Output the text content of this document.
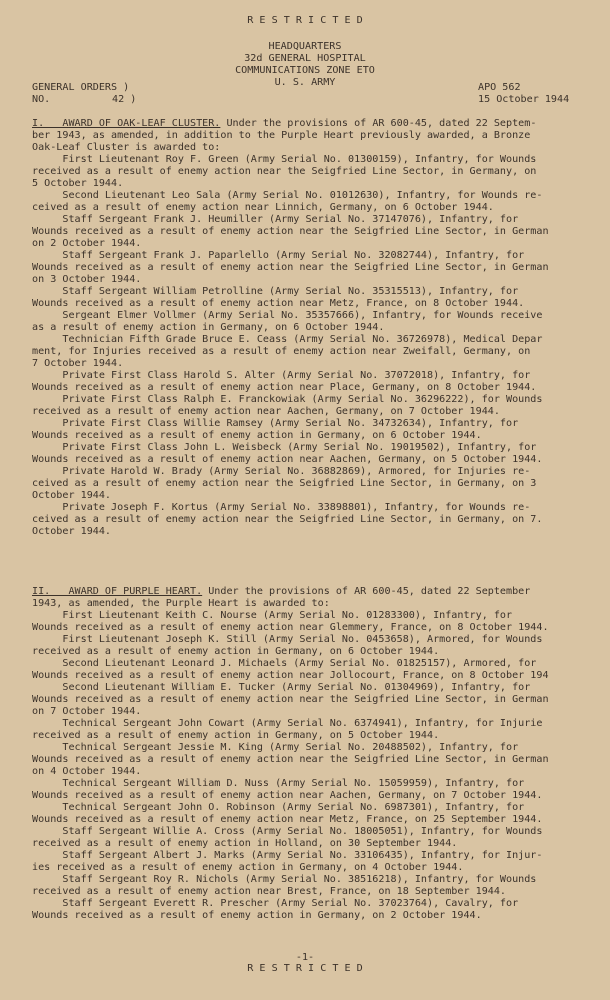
R E S T R I C T E D
HEADQUARTERS
32d GENERAL HOSPITAL
COMMUNICATIONS ZONE ETO
U. S. ARMY
GENERAL ORDERS )
NO.	42 )
APO 562
15 October 1944
I.   AWARD OF OAK-LEAF CLUSTER. Under the provisions of AR 600-45, dated 22 Septem-
ber 1943, as amended, in addition to the Purple Heart previously awarded, a Bronze
Oak-Leaf Cluster is awarded to:
First Lieutenant Roy F. Green (Army Serial No. 01300159), Infantry, for Wounds
received as a result of enemy action near the Seigfried Line Sector, in Germany, on
5 October 1944.
Second Lieutenant Leo Sala (Army Serial No. 01012630), Infantry, for Wounds re-
ceived as a result of enemy action near Linnich, Germany, on 6 October 1944.
Staff Sergeant Frank J. Heumiller (Army Serial No. 37147076), Infantry, for
Wounds received as a result of enemy action near the Seigfried Line Sector, in German
on 2 October 1944.
Staff Sergeant Frank J. Paparlello (Army Serial No. 32082744), Infantry, for
Wounds received as a result of enemy action near the Seigfried Line Sector, in German
on 3 October 1944.
Staff Sergeant William Petrolline (Army Serial No. 35315513), Infantry, for
Wounds received as a result of enemy action near Metz, France, on 8 October 1944.
Sergeant Elmer Vollmer (Army Serial No. 35357666), Infantry, for Wounds receive
as a result of enemy action in Germany, on 6 October 1944.
Technician Fifth Grade Bruce E. Ceass (Army Serial No. 36726978), Medical Depar
ment, for Injuries received as a result of enemy action near Zweifall, Germany, on
7 October 1944.
Private First Class Harold S. Alter (Army Serial No. 37072018), Infantry, for
Wounds received as a result of enemy action near Place, Germany, on 8 October 1944.
Private First Class Ralph E. Franckowiak (Army Serial No. 36296222), for Wounds
received as a result of enemy action near Aachen, Germany, on 7 October 1944.
Private First Class Willie Ramsey (Army Serial No. 34732634), Infantry, for
Wounds received as a result of enemy action in Germany, on 6 October 1944.
Private First Class John L. Weisbeck (Army Serial No. 19019502), Infantry, for
Wounds received as a result of enemy action near Aachen, Germany, on 5 October 1944.
Private Harold W. Brady (Army Serial No. 36882869), Armored, for Injuries re-
ceived as a result of enemy action near the Seigfried Line Sector, in Germany, on 3
October 1944.
Private Joseph F. Kortus (Army Serial No. 33898801), Infantry, for Wounds re-
ceived as a result of enemy action near the Seigfried Line Sector, in Germany, on 7.
October 1944.
II.   AWARD OF PURPLE HEART. Under the provisions of AR 600-45, dated 22 September
1943, as amended, the Purple Heart is awarded to:
First Lieutenant Keith C. Nourse (Army Serial No. 01283300), Infantry, for
Wounds received as a result of enemy action near Glemmery, France, on 8 October 1944.
First Lieutenant Joseph K. Still (Army Serial No. 0453658), Armored, for Wounds
received as a result of enemy action in Germany, on 6 October 1944.
Second Lieutenant Leonard J. Michaels (Army Serial No. 01825157), Armored, for
Wounds received as a result of enemy action near Jollocourt, France, on 8 October 194
Second Lieutenant William E. Tucker (Army Serial No. 01304969), Infantry, for
Wounds received as a result of enemy action near the Seigfried Line Sector, in German
on 7 October 1944.
Technical Sergeant John Cowart (Army Serial No. 6374941), Infantry, for Injurie
received as a result of enemy action in Germany, on 5 October 1944.
Technical Sergeant Jessie M. King (Army Serial No. 20488502), Infantry, for
Wounds received as a result of enemy action near the Seigfried Line Sector, in German
on 4 October 1944.
Technical Sergeant William D. Nuss (Army Serial No. 15059959), Infantry, for
Wounds received as a result of enemy action near Aachen, Germany, on 7 October 1944.
Technical Sergeant John O. Robinson (Army Serial No. 6987301), Infantry, for
Wounds received as a result of enemy action near Metz, France, on 25 September 1944.
Staff Sergeant Willie A. Cross (Army Serial No. 18005051), Infantry, for Wounds
received as a result of enemy action in Holland, on 30 September 1944.
Staff Sergeant Albert J. Marks (Army Serial No. 33106435), Infantry, for Injur-
ies received as a result of enemy action in Germany, on 4 October 1944.
Staff Sergeant Roy R. Nichols (Army Serial No. 38516218), Infantry, for Wounds
received as a result of enemy action near Brest, France, on 18 September 1944.
Staff Sergeant Everett R. Prescher (Army Serial No. 37023764), Cavalry, for
Wounds received as a result of enemy action in Germany, on 2 October 1944.
-1-
R E S T R I C T E D
